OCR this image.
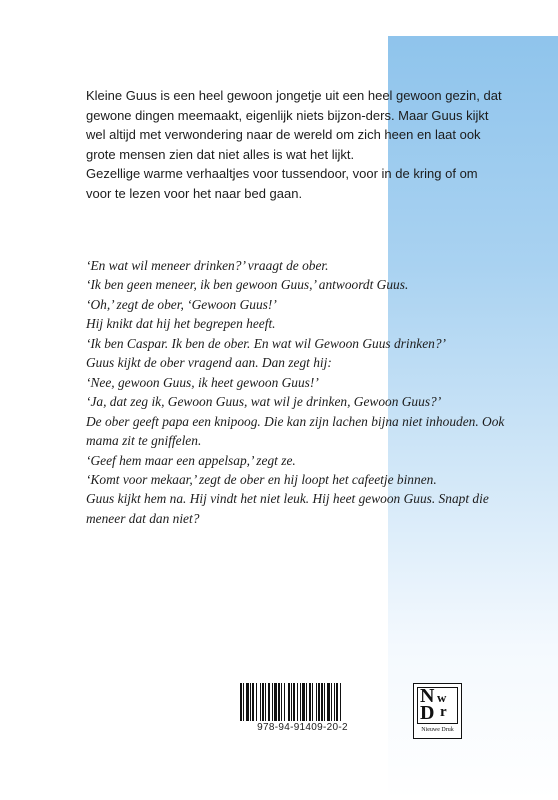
Kleine Guus is een heel gewoon jongetje uit een heel gewoon gezin, dat gewone dingen meemaakt, eigenlijk niets bijzon-ders. Maar Guus kijkt wel altijd met verwondering naar de wereld om zich heen en laat ook grote mensen zien dat niet alles is wat het lijkt.

Gezellige warme verhaaltjes voor tussendoor, voor in de kring of om voor te lezen voor het naar bed gaan.

‘En wat wil meneer drinken?’ vraagt de ober.

‘Ik ben geen meneer, ik ben gewoon Guus,’ antwoordt Guus.

‘Oh,’ zegt de ober, ‘Gewoon Guus!’

Hij knikt dat hij het begrepen heeft.

‘Ik ben Caspar. Ik ben de ober. En wat wil Gewoon Guus drinken?’

Guus kijkt de ober vragend aan. Dan zegt hij:

‘Nee, gewoon Guus, ik heet gewoon Guus!’

‘Ja, dat zeg ik, Gewoon Guus, wat wil je drinken, Gewoon Guus?’

De ober geeft papa een knipoog. Die kan zijn lachen bijna niet inhouden. Ook mama zit te gniffelen.

‘Geef hem maar een appelsap,’ zegt ze.

‘Komt voor mekaar,’ zegt de ober en hij loopt het cafeetje binnen.

Guus kijkt hem na. Hij vindt het niet leuk. Hij heet gewoon Guus. Snapt die meneer dat dan niet?

978-94-91409-20-2
N w
D r
Nieuwe Druk
